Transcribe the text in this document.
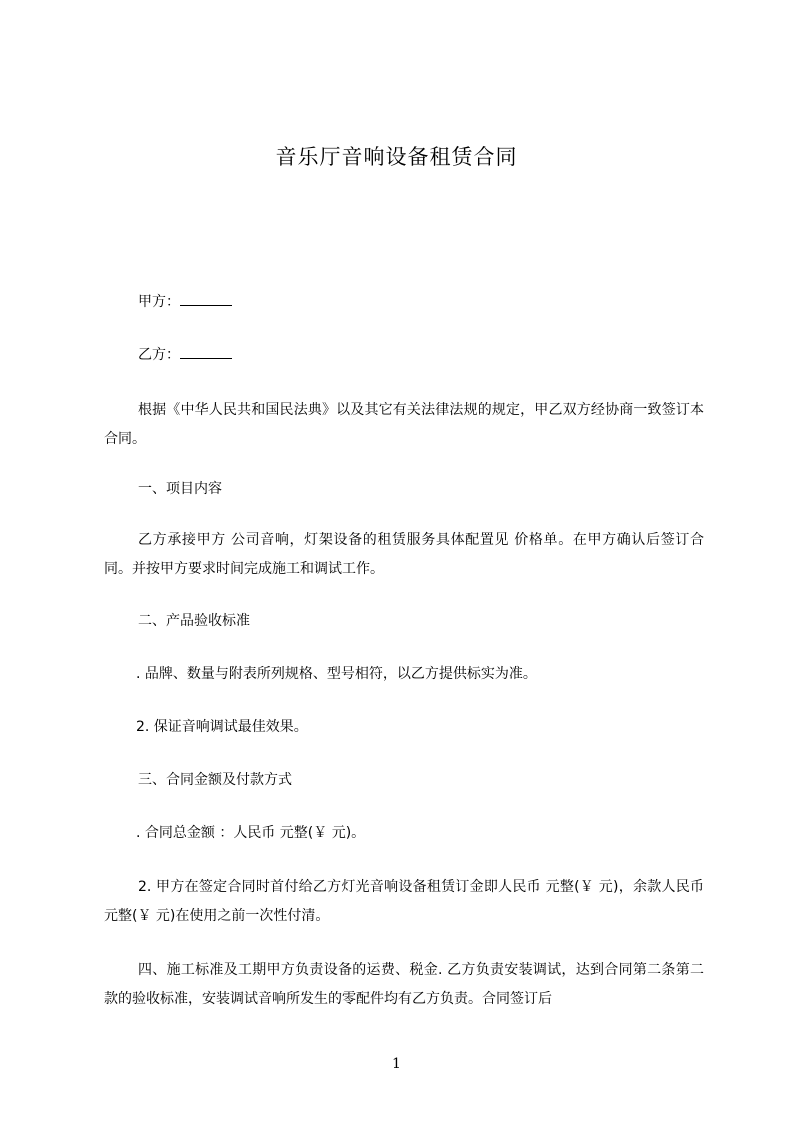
音乐厅音响设备租赁合同
甲方：
乙方：
根据《中华人民共和国民法典》以及其它有关法律法规的规定，甲乙双方经协商一致签订本合同。
一、项目内容
乙方承接甲方 公司音响，灯架设备的租赁服务具体配置见 价格单。在甲方确认后签订合同。并按甲方要求时间完成施工和调试工作。
二、产品验收标准
. 品牌、数量与附表所列规格、型号相符，以乙方提供标实为准。
2. 保证音响调试最佳效果。
三、合同金额及付款方式
. 合同总金额 ：人民币 元整(￥ 元)。
2. 甲方在签定合同时首付给乙方灯光音响设备租赁订金即人民币 元整(￥ 元)，余款人民币 元整(￥ 元)在使用之前一次性付清。
四、施工标准及工期甲方负责设备的运费、税金. 乙方负责安装调试，达到合同第二条第二款的验收标准，安装调试音响所发生的零配件均有乙方负责。合同签订后
1
